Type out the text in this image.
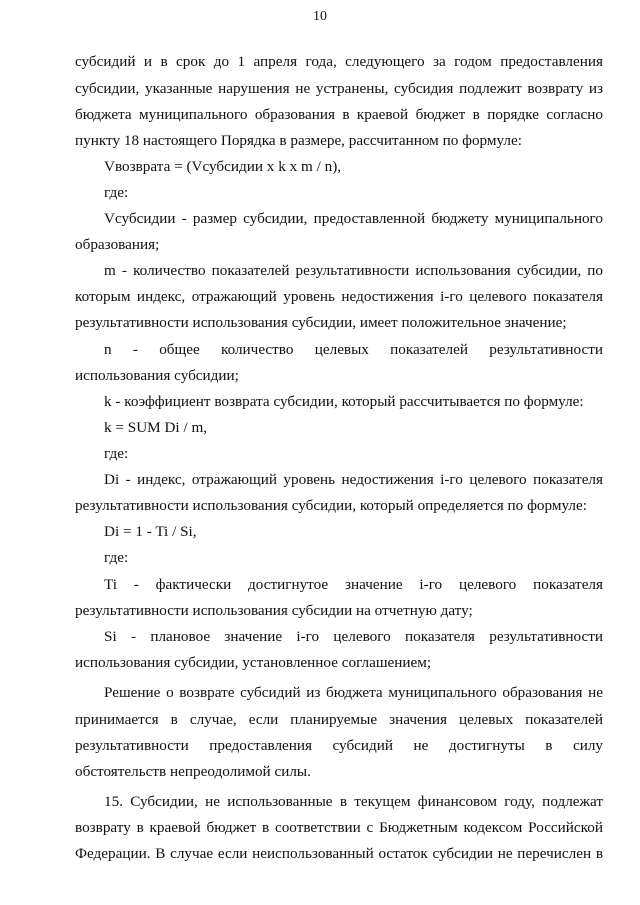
10
субсидий и в срок до 1 апреля года, следующего за годом предоставления
субсидии, указанные нарушения не устранены, субсидия подлежит возврату из
бюджета муниципального образования в краевой бюджет в порядке согласно
пункту 18 настоящего Порядка в размере, рассчитанном по формуле:
Vвозврата = (Vсубсидии x k x m / n),
где:
Vсубсидии - размер субсидии, предоставленной бюджету муниципального
образования;
m - количество показателей результативности использования субсидии, по
которым индекс, отражающий уровень недостижения i-го целевого показателя
результативности использования субсидии, имеет положительное значение;
n - общее количество целевых показателей результативности
использования субсидии;
k - коэффициент возврата субсидии, который рассчитывается по формуле:
k = SUM Di / m,
где:
Di - индекс, отражающий уровень недостижения i-го целевого показателя
результативности использования субсидии, который определяется по формуле:
Di = 1 - Ti / Si,
где:
Ti - фактически достигнутое значение i-го целевого показателя
результативности использования субсидии на отчетную дату;
Si - плановое значение i-го целевого показателя результативности
использования субсидии, установленное соглашением;
Решение о возврате субсидий из бюджета муниципального образования не
принимается в случае, если планируемые значения целевых показателей
результативности предоставления субсидий не достигнуты в силу
обстоятельств непреодолимой силы.
15. Субсидии, не использованные в текущем финансовом году, подлежат
возврату в краевой бюджет в соответствии с Бюджетным кодексом Российской
Федерации. В случае если неиспользованный остаток субсидии не перечислен в
